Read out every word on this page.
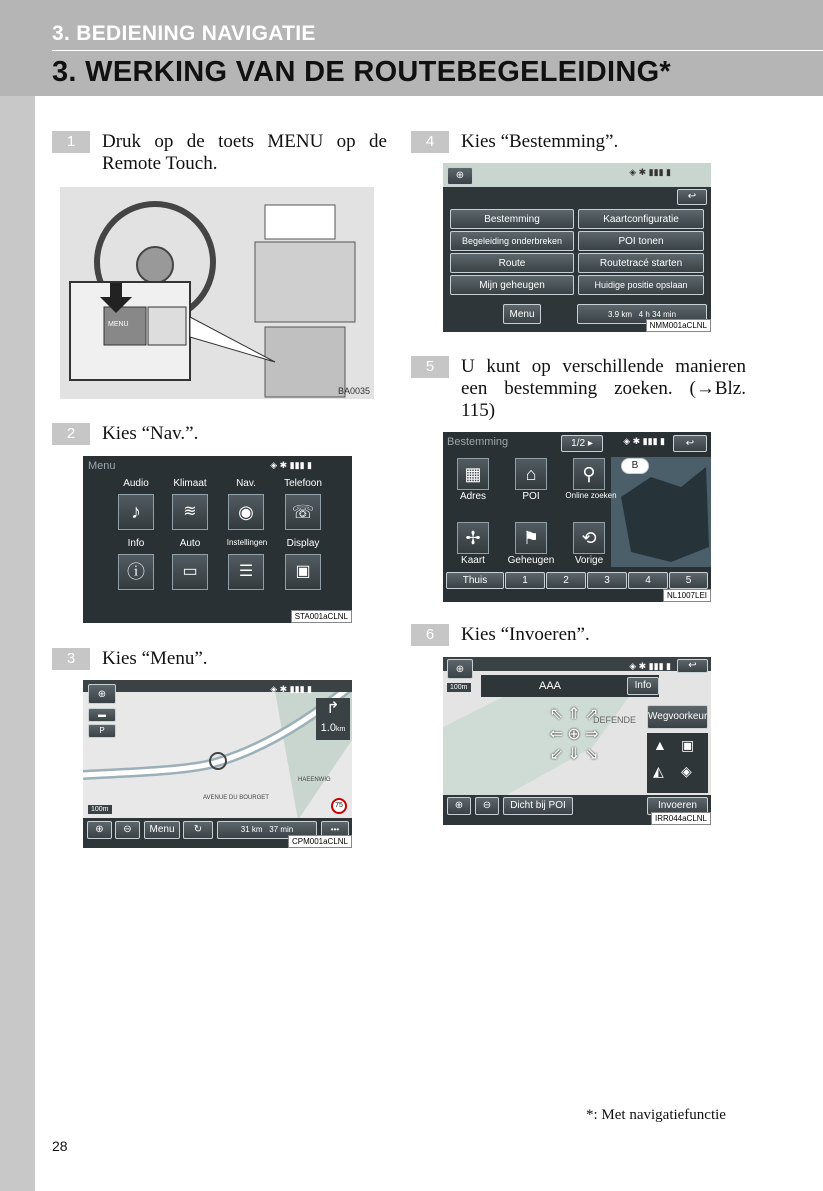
3. BEDIENING NAVIGATIE
3. WERKING VAN DE ROUTEBEGELEIDING*
1	Druk op de toets MENU op de Remote Touch.
MENU
BA0035
2	Kies “Nav.”.
Menu	◈ ✱ ▮▮▮ ▮
Audio	Klimaat	Nav.	Telefoon
♪	≋	◉	☏
Info	Auto	Instellingen	Display
ⓘ	▭	☰	▣
STA001aCLNL
3	Kies “Menu”.
◈ ✱ ▮▮▮ ▮
⊕
▬
P
↱
1.0km
AVENUE DU BOURGET
HAEENWIG
75
100m
⊕	⊖	Menu	↻	31 km 37 min	•••
CPM001aCLNL
4	Kies “Bestemming”.
⊕	◈ ✱ ▮▮▮ ▮
↩
Bestemming	Kaartconfiguratie
Begeleiding onderbreken	POI tonen
Route	Routetracé starten
Mijn geheugen	Huidige positie opslaan
Menu	3.9 km 4 h 34 min
NMM001aCLNL
5	U kunt op verschillende manieren een bestemming zoeken. (→Blz. 115)
Bestemming	1/2 ▸	◈ ✱ ▮▮▮ ▮	↩
B
▦	⌂	⚲
Adres	POI	Online zoeken
✢	⚑	⟲
Kaart	Geheugen	Vorige
Thuis	1	2	3	4	5
NL1007LEI
6	Kies “Invoeren”.
⊕	◈ ✱ ▮▮▮ ▮	↩
100m	AAA	Info
DEFENDE
⇖ ⇑ ⇗
⇐ ⊕ ⇒
⇙ ⇓ ⇘
Wegvoorkeur
▲ ▣
◭ ◈
⊕	⊖	Dicht bij POI	Invoeren
IRR044aCLNL
*: Met navigatiefunctie
28
